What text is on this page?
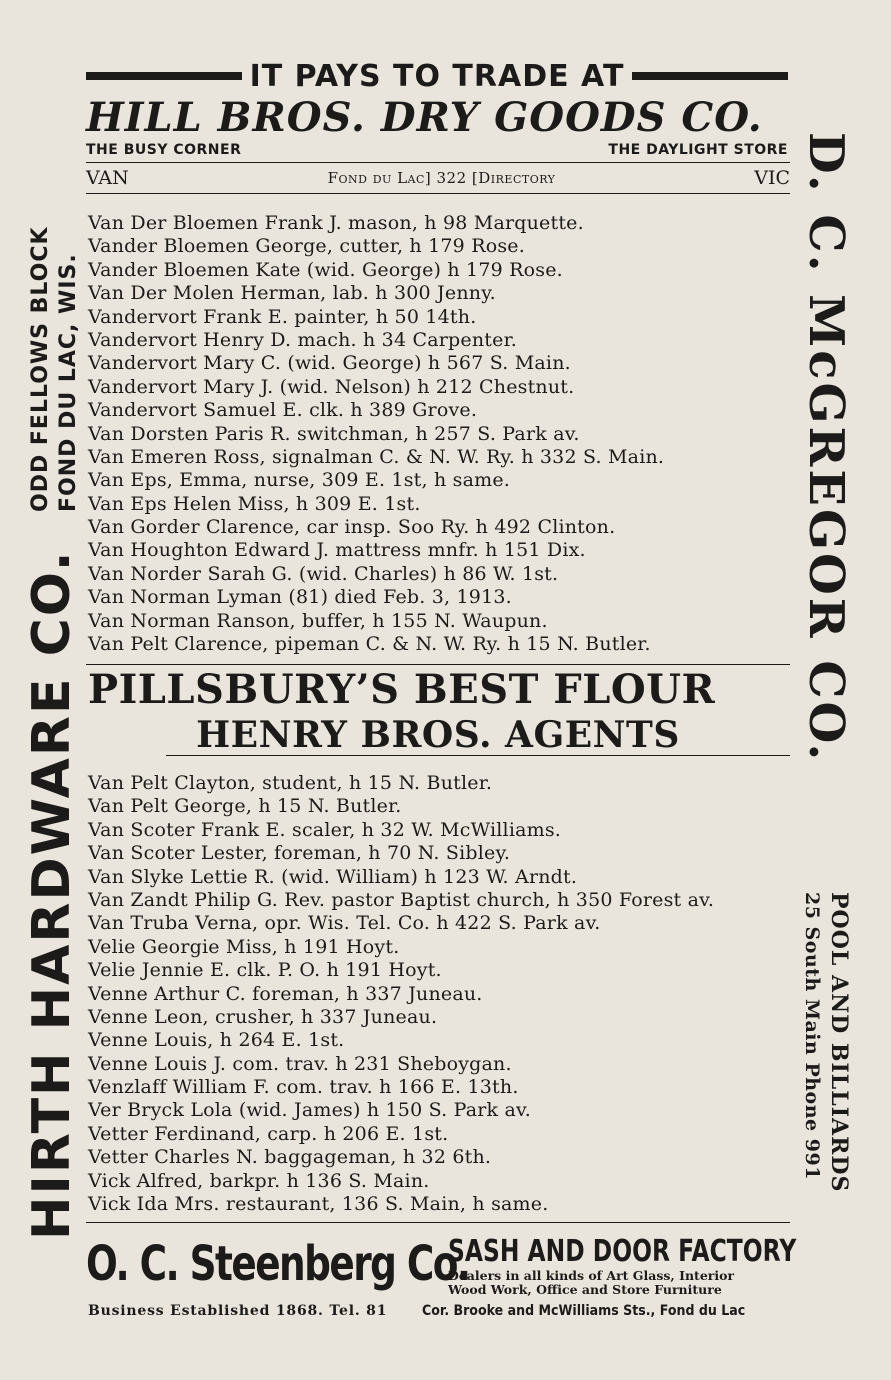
IT PAYS TO TRADE AT
HILL BROS. DRY GOODS CO.
THE BUSY CORNER	THE DAYLIGHT STORE
VAN	Fond du Lac] 322 [Directory	VIC
Van Der Bloemen Frank J. mason, h 98 Marquette.
Vander Bloemen George, cutter, h 179 Rose.
Vander Bloemen Kate (wid. George) h 179 Rose.
Van Der Molen Herman, lab. h 300 Jenny.
Vandervort Frank E. painter, h 50 14th.
Vandervort Henry D. mach. h 34 Carpenter.
Vandervort Mary C. (wid. George) h 567 S. Main.
Vandervort Mary J. (wid. Nelson) h 212 Chestnut.
Vandervort Samuel E. clk. h 389 Grove.
Van Dorsten Paris R. switchman, h 257 S. Park av.
Van Emeren Ross, signalman C. & N. W. Ry. h 332 S. Main.
Van Eps, Emma, nurse, 309 E. 1st, h same.
Van Eps Helen Miss, h 309 E. 1st.
Van Gorder Clarence, car insp. Soo Ry. h 492 Clinton.
Van Houghton Edward J. mattress mnfr. h 151 Dix.
Van Norder Sarah G. (wid. Charles) h 86 W. 1st.
Van Norman Lyman (81) died Feb. 3, 1913.
Van Norman Ranson, buffer, h 155 N. Waupun.
Van Pelt Clarence, pipeman C. & N. W. Ry. h 15 N. Butler.
PILLSBURY’S BEST FLOUR
HENRY BROS. AGENTS
Van Pelt Clayton, student, h 15 N. Butler.
Van Pelt George, h 15 N. Butler.
Van Scoter Frank E. scaler, h 32 W. McWilliams.
Van Scoter Lester, foreman, h 70 N. Sibley.
Van Slyke Lettie R. (wid. William) h 123 W. Arndt.
Van Zandt Philip G. Rev. pastor Baptist church, h 350 Forest av.
Van Truba Verna, opr. Wis. Tel. Co. h 422 S. Park av.
Velie Georgie Miss, h 191 Hoyt.
Velie Jennie E. clk. P. O. h 191 Hoyt.
Venne Arthur C. foreman, h 337 Juneau.
Venne Leon, crusher, h 337 Juneau.
Venne Louis, h 264 E. 1st.
Venne Louis J. com. trav. h 231 Sheboygan.
Venzlaff William F. com. trav. h 166 E. 13th.
Ver Bryck Lola (wid. James) h 150 S. Park av.
Vetter Ferdinand, carp. h 206 E. 1st.
Vetter Charles N. baggageman, h 32 6th.
Vick Alfred, barkpr. h 136 S. Main.
Vick Ida Mrs. restaurant, 136 S. Main, h same.
O. C. Steenberg Co.
SASH AND DOOR FACTORY
Dealers in all kinds of Art Glass, Interior
Wood Work, Office and Store Furniture
Business Established 1868. Tel. 81 Cor. Brooke and McWilliams Sts., Fond du Lac
HIRTH HARDWARE CO.
ODD FELLOWS BLOCK FOND DU LAC, WIS.	D. C. McGREGOR CO.
POOL AND BILLIARDS
25 South Main Phone 991
